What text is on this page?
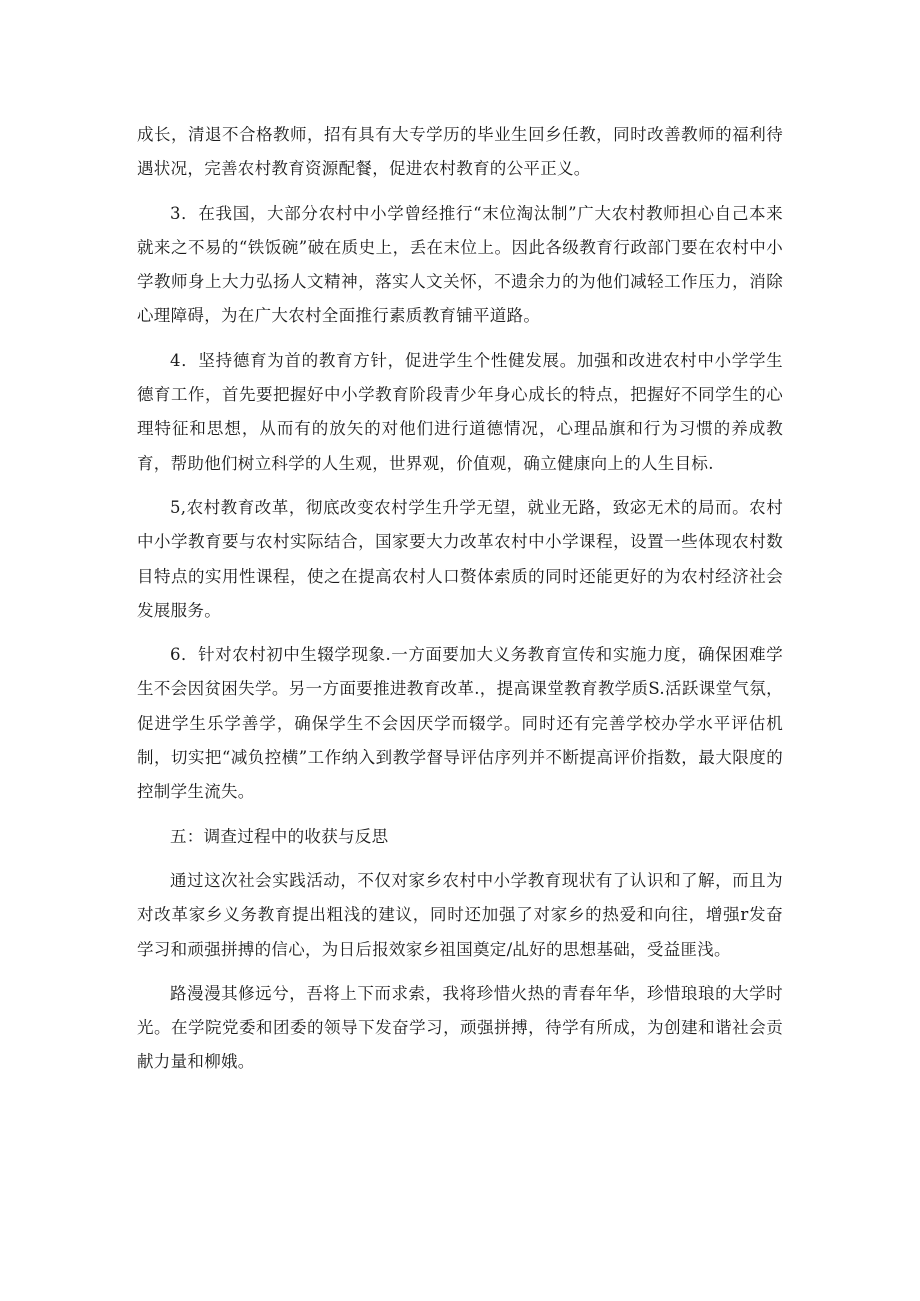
成长，清退不合格教师，招有具有大专学历的毕业生回乡任教，同时改善教师的福利待遇状况，完善农村教育资源配餐，促进农村教育的公平正义。

3．在我国，大部分农村中小学曾经推行“末位淘汰制”广大农村教师担心自己本来就来之不易的“铁饭碗”破在质史上，丢在末位上。因此各级教育行政部门要在农村中小学教师身上大力弘扬人文精神，落实人文关怀，不遗余力的为他们减轻工作压力，消除心理障碍，为在广大农村全面推行素质教育铺平道路。

4．坚持德育为首的教育方针，促进学生个性健发展。加强和改进农村中小学学生德育工作，首先要把握好中小学教育阶段青少年身心成长的特点，把握好不同学生的心理特征和思想，从而有的放矢的对他们进行道德情况，心理品旗和行为习惯的养成教育，帮助他们树立科学的人生观，世界观，价值观，确立健康向上的人生目标.

5,农村教育改革，彻底改变农村学生升学无望，就业无路，致宓无术的局而。农村中小学教育要与农村实际结合，国家要大力改革农村中小学课程，设置一些体现农村数目特点的实用性课程，使之在提高农村人口赘体索质的同时还能更好的为农村经济社会发展服务。

6．针对农村初中生辍学现象.一方面要加大义务教育宣传和实施力度，确保困难学生不会因贫困失学。另一方面要推进教育改革.，提高课堂教育教学质S.活跃课堂气氛，促进学生乐学善学，确保学生不会因厌学而辍学。同时还有完善学校办学水平评估机制，切实把“减负控横”工作纳入到教学督导评估序列并不断提高评价指数，最大限度的控制学生流失。

五：调查过程中的收获与反思

通过这次社会实践活动，不仅对家乡农村中小学教育现状有了认识和了解，而且为对改革家乡义务教育提出粗浅的建议，同时还加强了对家乡的热爱和向往，增强r发奋学习和顽强拼搏的信心，为日后报效家乡祖国奠定/乩好的思想基础，受益匪浅。

路漫漫其修远兮，吾将上下而求索，我将珍惜火热的青春年华，珍惜琅琅的大学时光。在学院党委和团委的领导下发奋学习，顽强拼搏，待学有所成，为创建和谐社会贡献力量和柳娥。
